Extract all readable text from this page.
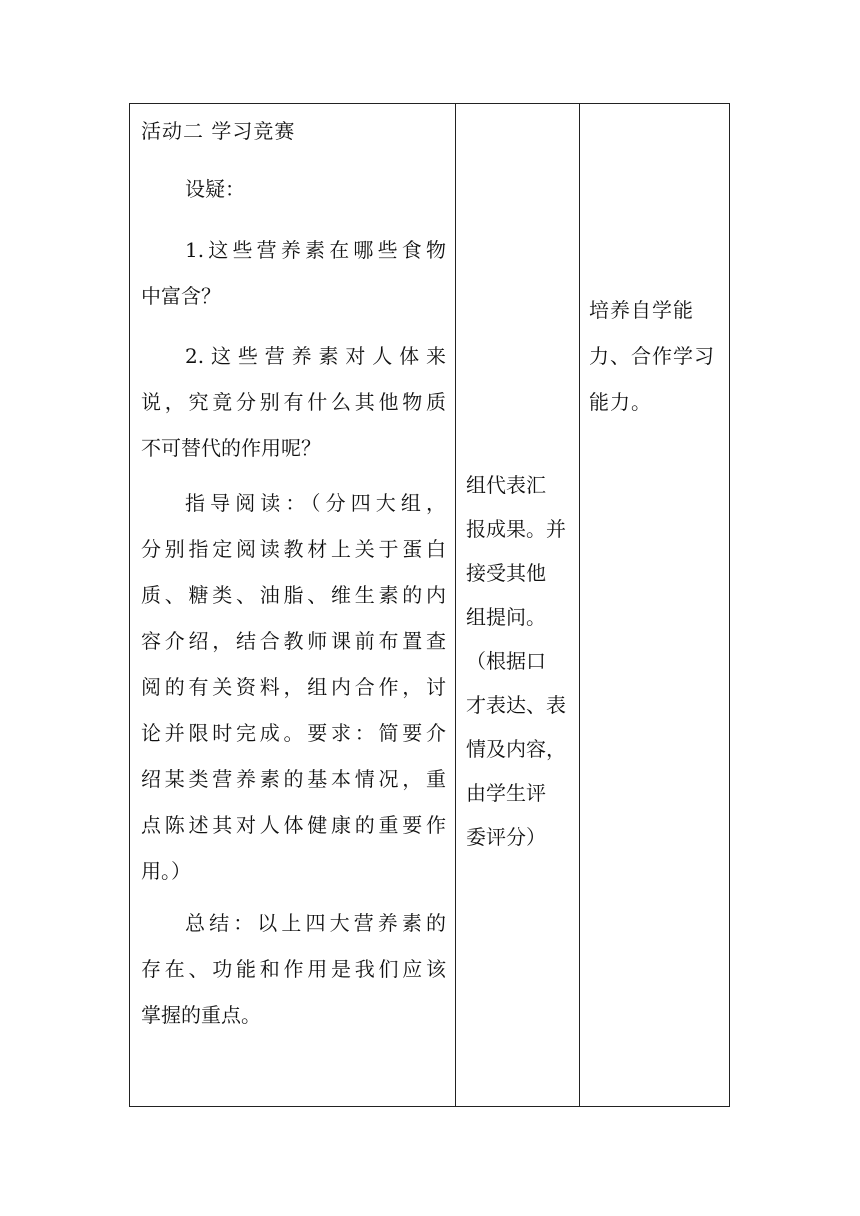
活动二 学习竞赛

设疑：

1.这些营养素在哪些食物
中富含？

2.这些营养素对人体来
说，究竟分别有什么其他物质
不可替代的作用呢？

指导阅读：（分四大组，
分别指定阅读教材上关于蛋白
质、糖类、油脂、维生素的内
容介绍，结合教师课前布置查
阅的有关资料，组内合作，讨
论并限时完成。要求：简要介
绍某类营养素的基本情况，重
点陈述其对人体健康的重要作
用。）

总结：以上四大营养素的
存在、功能和作用是我们应该
掌握的重点。

组代表汇
报成果。并
接受其他
组提问。
（根据口
才表达、表
情及内容，
由学生评
委评分）

培养自学能
力、合作学习
能力。
